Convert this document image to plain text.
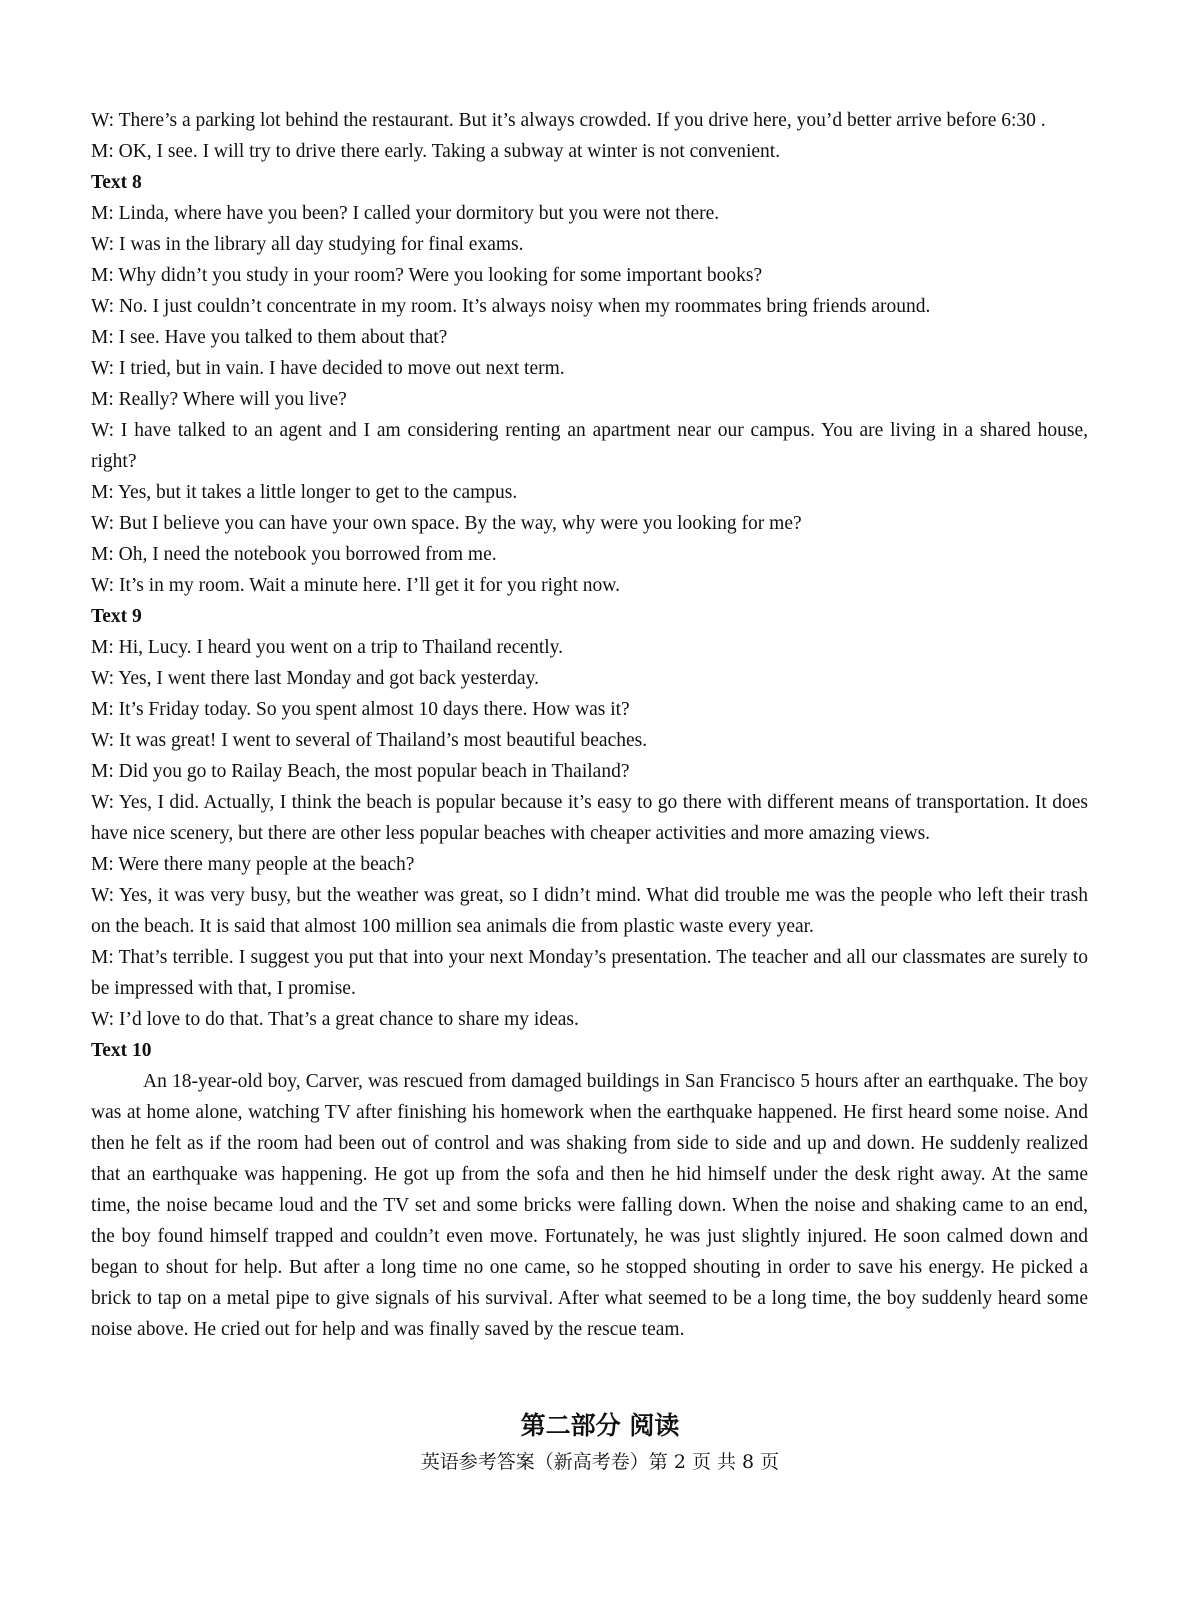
W: There’s a parking lot behind the restaurant. But it’s always crowded. If you drive here, you’d better arrive before 6:30 .

M: OK, I see. I will try to drive there early. Taking a subway at winter is not convenient.

Text 8

M: Linda, where have you been? I called your dormitory but you were not there.

W: I was in the library all day studying for final exams.

M: Why didn’t you study in your room? Were you looking for some important books?

W: No. I just couldn’t concentrate in my room. It’s always noisy when my roommates bring friends around.

M: I see. Have you talked to them about that?

W: I tried, but in vain. I have decided to move out next term.

M: Really? Where will you live?

W: I have talked to an agent and I am considering renting an apartment near our campus. You are living in a shared house, right?

M: Yes, but it takes a little longer to get to the campus.

W: But I believe you can have your own space. By the way, why were you looking for me?

M: Oh, I need the notebook you borrowed from me.

W: It’s in my room. Wait a minute here. I’ll get it for you right now.

Text 9

M: Hi, Lucy. I heard you went on a trip to Thailand recently.

W: Yes, I went there last Monday and got back yesterday.

M: It’s Friday today. So you spent almost 10 days there. How was it?

W: It was great! I went to several of Thailand’s most beautiful beaches.

M: Did you go to Railay Beach, the most popular beach in Thailand?

W: Yes, I did. Actually, I think the beach is popular because it’s easy to go there with different means of transportation. It does have nice scenery, but there are other less popular beaches with cheaper activities and more amazing views.

M: Were there many people at the beach?

W: Yes, it was very busy, but the weather was great, so I didn’t mind. What did trouble me was the people who left their trash on the beach. It is said that almost 100 million sea animals die from plastic waste every year.

M: That’s terrible. I suggest you put that into your next Monday’s presentation. The teacher and all our classmates are surely to be impressed with that, I promise.

W: I’d love to do that. That’s a great chance to share my ideas.

Text 10

An 18-year-old boy, Carver, was rescued from damaged buildings in San Francisco 5 hours after an earthquake. The boy was at home alone, watching TV after finishing his homework when the earthquake happened. He first heard some noise. And then he felt as if the room had been out of control and was shaking from side to side and up and down. He suddenly realized that an earthquake was happening. He got up from the sofa and then he hid himself under the desk right away. At the same time, the noise became loud and the TV set and some bricks were falling down. When the noise and shaking came to an end, the boy found himself trapped and couldn’t even move. Fortunately, he was just slightly injured. He soon calmed down and began to shout for help. But after a long time no one came, so he stopped shouting in order to save his energy. He picked a brick to tap on a metal pipe to give signals of his survival. After what seemed to be a long time, the boy suddenly heard some noise above. He cried out for help and was finally saved by the rescue team.

第二部分 阅读

英语参考答案（新高考卷）第 2 页 共 8 页
